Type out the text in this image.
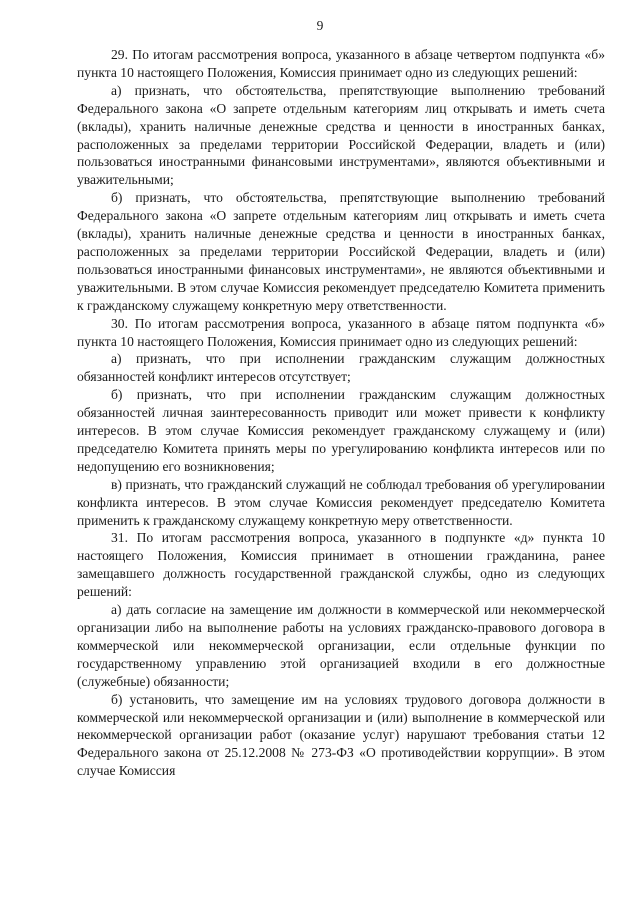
9

29. По итогам рассмотрения вопроса, указанного в абзаце четвертом подпункта «б» пункта 10 настоящего Положения, Комиссия принимает одно из следующих решений:

а) признать, что обстоятельства, препятствующие выполнению требований Федерального закона «О запрете отдельным категориям лиц открывать и иметь счета (вклады), хранить наличные денежные средства и ценности в иностранных банках, расположенных за пределами территории Российской Федерации, владеть и (или) пользоваться иностранными финансовыми инструментами», являются объективными и уважительными;

б) признать, что обстоятельства, препятствующие выполнению требований Федерального закона «О запрете отдельным категориям лиц открывать и иметь счета (вклады), хранить наличные денежные средства и ценности в иностранных банках, расположенных за пределами территории Российской Федерации, владеть и (или) пользоваться иностранными финансовых инструментами», не являются объективными и уважительными. В этом случае Комиссия рекомендует председателю Комитета применить к гражданскому служащему конкретную меру ответственности.

30. По итогам рассмотрения вопроса, указанного в абзаце пятом подпункта «б» пункта 10 настоящего Положения, Комиссия принимает одно из следующих решений:

а) признать, что при исполнении гражданским служащим должностных обязанностей конфликт интересов отсутствует;

б) признать, что при исполнении гражданским служащим должностных обязанностей личная заинтересованность приводит или может привести к конфликту интересов. В этом случае Комиссия рекомендует гражданскому служащему и (или) председателю Комитета принять меры по урегулированию конфликта интересов или по недопущению его возникновения;

в) признать, что гражданский служащий не соблюдал требования об урегулировании конфликта интересов. В этом случае Комиссия рекомендует председателю Комитета применить к гражданскому служащему конкретную меру ответственности.

31. По итогам рассмотрения вопроса, указанного в подпункте «д» пункта 10 настоящего Положения, Комиссия принимает в отношении гражданина, ранее замещавшего должность государственной гражданской службы, одно из следующих решений:

а) дать согласие на замещение им должности в коммерческой или некоммерческой организации либо на выполнение работы на условиях гражданско-правового договора в коммерческой или некоммерческой организации, если отдельные функции по государственному управлению этой организацией входили в его должностные (служебные) обязанности;

б) установить, что замещение им на условиях трудового договора должности в коммерческой или некоммерческой организации и (или) выполнение в коммерческой или некоммерческой организации работ (оказание услуг) нарушают требования статьи 12 Федерального закона от 25.12.2008 № 273-ФЗ «О противодействии коррупции». В этом случае Комиссия
